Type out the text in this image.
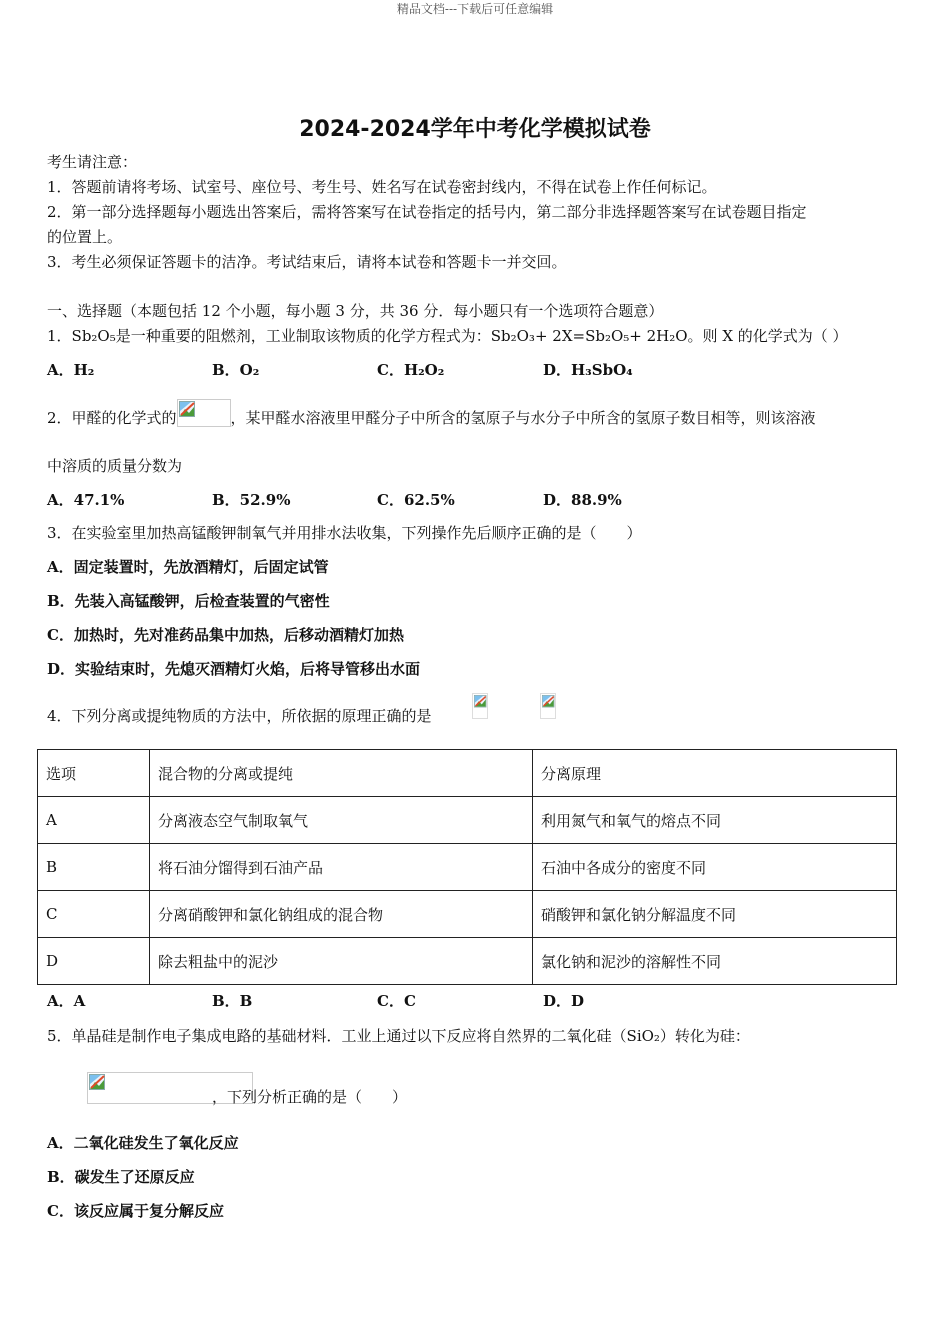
精品文档---下载后可任意编辑
2024-2024学年中考化学模拟试卷
考生请注意：
1．答题前请将考场、试室号、座位号、考生号、姓名写在试卷密封线内，不得在试卷上作任何标记。
2．第一部分选择题每小题选出答案后，需将答案写在试卷指定的括号内，第二部分非选择题答案写在试卷题目指定
的位置上。
3．考生必须保证答题卡的洁净。考试结束后，请将本试卷和答题卡一并交回。
一、选择题（本题包括 12 个小题，每小题 3 分，共 36 分．每小题只有一个选项符合题意）
1．Sb₂O₅是一种重要的阻燃剂，工业制取该物质的化学方程式为：Sb₂O₃+ 2X=Sb₂O₅+ 2H₂O。则 X 的化学式为（ ）
A．H₂	B．O₂	C．H₂O₂	D．H₃SbO₄
2．甲醛的化学式的	，某甲醛水溶液里甲醛分子中所含的氢原子与水分子中所含的氢原子数目相等，则该溶液
中溶质的质量分数为
A．47.1%	B．52.9%	C．62.5%	D．88.9%
3．在实验室里加热高锰酸钾制氧气并用排水法收集，下列操作先后顺序正确的是（　　）
A．固定装置时，先放酒精灯，后固定试管
B．先装入高锰酸钾，后检查装置的气密性
C．加热时，先对准药品集中加热，后移动酒精灯加热
D．实验结束时，先熄灭酒精灯火焰，后将导管移出水面
4．下列分离或提纯物质的方法中，所依据的原理正确的是

选项	混合物的分离或提纯	分离原理
A	分离液态空气制取氧气	利用氮气和氧气的熔点不同
B	将石油分馏得到石油产品	石油中各成分的密度不同
C	分离硝酸钾和氯化钠组成的混合物	硝酸钾和氯化钠分解温度不同
D	除去粗盐中的泥沙	氯化钠和泥沙的溶解性不同
A．A	B．B	C．C	D．D
5．单晶硅是制作电子集成电路的基础材料．工业上通过以下反应将自然界的二氧化硅（SiO₂）转化为硅：
，下列分析正确的是（　　）
A．二氧化硅发生了氧化反应
B．碳发生了还原反应
C．该反应属于复分解反应
